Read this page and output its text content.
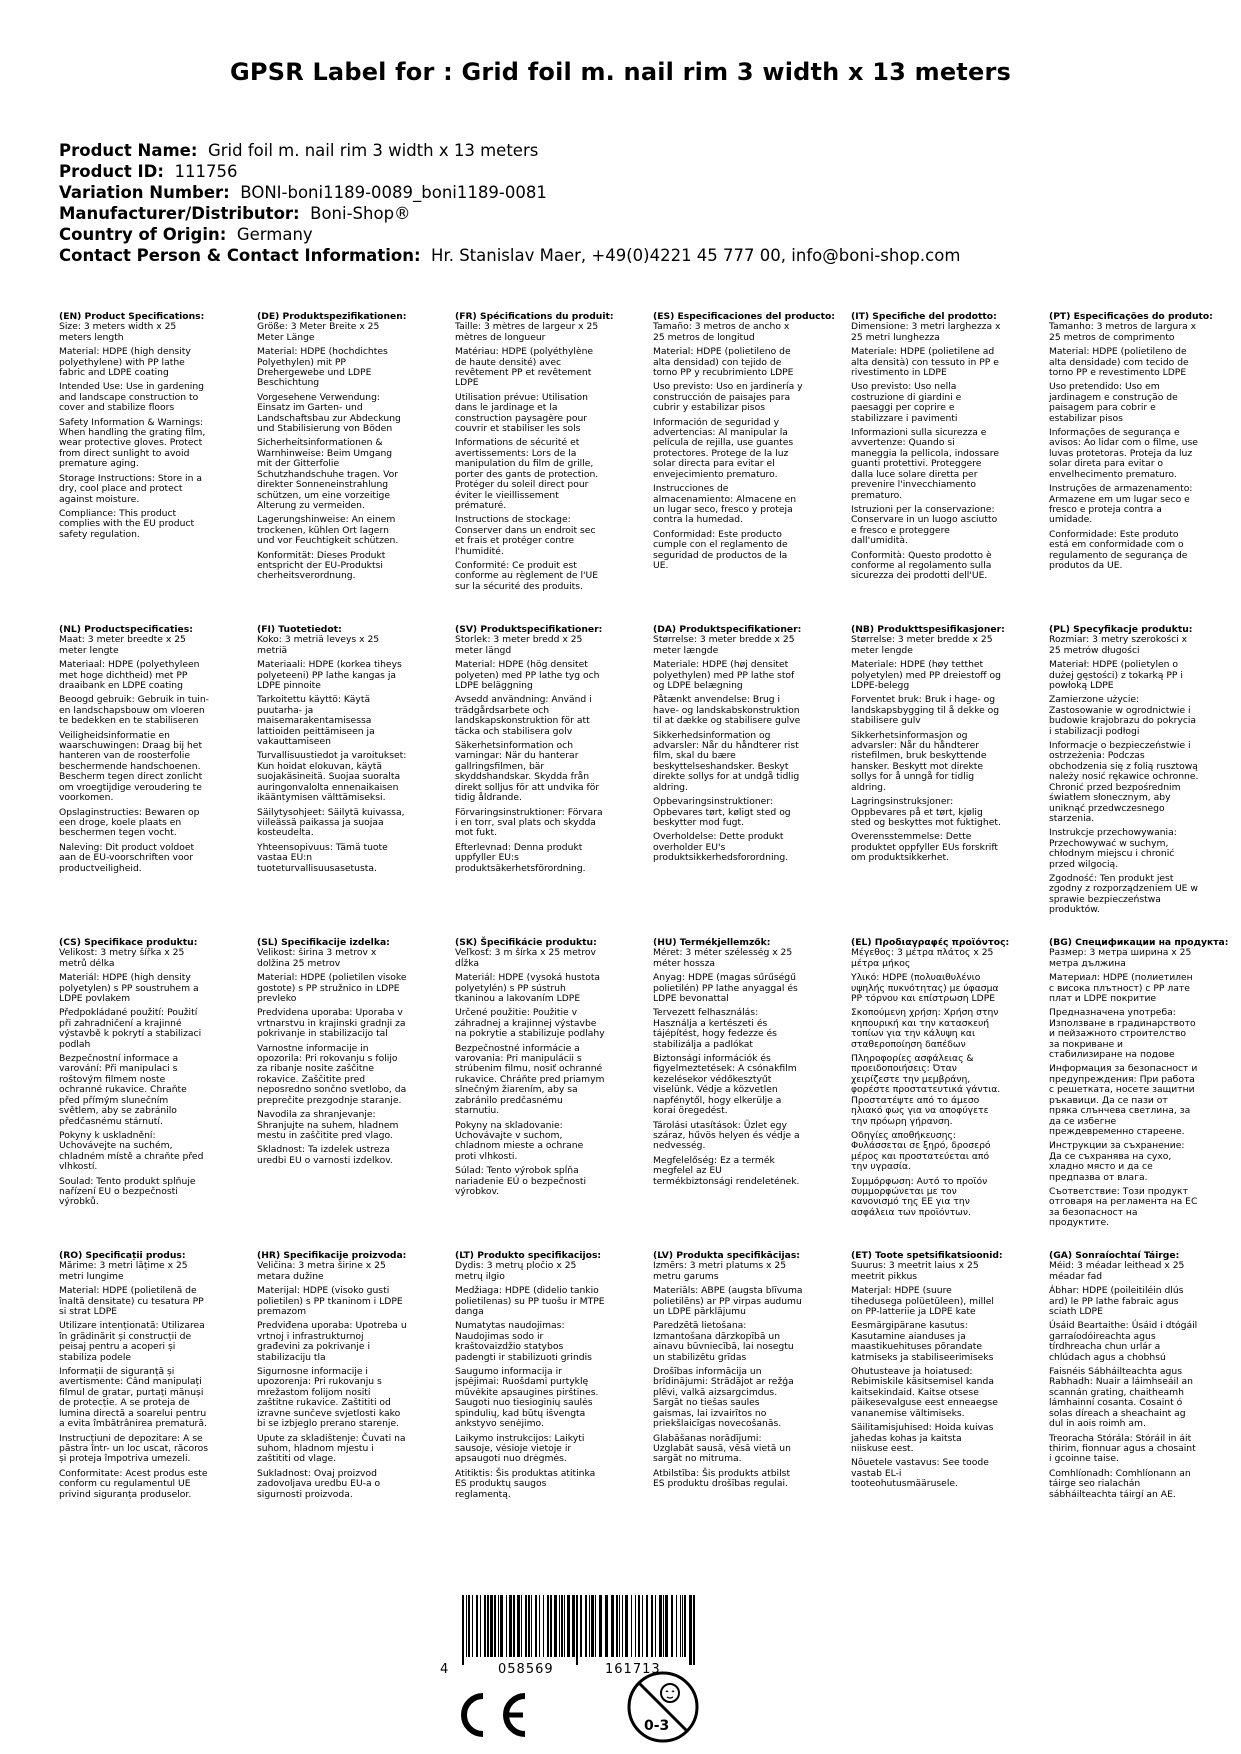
GPSR Label for : Grid foil m. nail rim 3 width x 13 meters
Product Name: Grid foil m. nail rim 3 width x 13 meters
Product ID: 111756
Variation Number: BONI-boni1189-0089_boni1189-0081
Manufacturer/Distributor: Boni-Shop®
Country of Origin: Germany
Contact Person & Contact Information: Hr. Stanislav Maer, +49(0)4221 45 777 00, info@boni-shop.com
(EN) Product Specifications:
Size: 3 meters width x 25 meters length
Material: HDPE (high density polyethylene) with PP lathe fabric and LDPE coating
Intended Use: Use in gardening and landscape construction to cover and stabilize floors
Safety Information & Warnings: When handling the grating film, wear protective gloves. Protect from direct sunlight to avoid premature aging.
Storage Instructions: Store in a dry, cool place and protect against moisture.
Compliance: This product complies with the EU product safety regulation.
(DE) Produktspezifikationen:
Größe: 3 Meter Breite x 25 Meter Länge
Material: HDPE (hochdichtes Polyethylen) mit PP Drehergewebe und LDPE Beschichtung
Vorgesehene Verwendung: Einsatz im Garten- und Landschaftsbau zur Abdeckung und Stabilisierung von Böden
Sicherheitsinformationen & Warnhinweise: Beim Umgang mit der Gitterfolie Schutzhandschuhe tragen. Vor direkter Sonneneinstrahlung schützen, um eine vorzeitige Alterung zu vermeiden.
Lagerungshinweise: An einem trockenen, kühlen Ort lagern und vor Feuchtigkeit schützen.
Konformität: Dieses Produkt entspricht der EU-Produktsi cherheitsverordnung.
(FR) Spécifications du produit:
Taille: 3 mètres de largeur x 25 mètres de longueur
Matériau: HDPE (polyéthylène de haute densité) avec revêtement PP et revêtement LDPE
Utilisation prévue: Utilisation dans le jardinage et la construction paysagère pour couvrir et stabiliser les sols
Informations de sécurité et avertissements: Lors de la manipulation du film de grille, porter des gants de protection. Protéger du soleil direct pour éviter le vieillissement prématuré.
Instructions de stockage: Conserver dans un endroit sec et frais et protéger contre l'humidité.
Conformité: Ce produit est conforme au règlement de l'UE sur la sécurité des produits.
(ES) Especificaciones del producto:
Tamaño: 3 metros de ancho x 25 metros de longitud
Material: HDPE (polietileno de alta densidad) con tejido de torno PP y recubrimiento LDPE
Uso previsto: Uso en jardinería y construcción de paisajes para cubrir y estabilizar pisos
Información de seguridad y advertencias: Al manipular la película de rejilla, use guantes protectores. Protege de la luz solar directa para evitar el envejecimiento prematuro.
Instrucciones de almacenamiento: Almacene en un lugar seco, fresco y proteja contra la humedad.
Conformidad: Este producto cumple con el reglamento de seguridad de productos de la UE.
(IT) Specifiche del prodotto:
Dimensione: 3 metri larghezza x 25 metri lunghezza
Materiale: HDPE (polietilene ad alta densità) con tessuto in PP e rivestimento in LDPE
Uso previsto: Uso nella costruzione di giardini e paesaggi per coprire e stabilizzare i pavimenti
Informazioni sulla sicurezza e avvertenze: Quando si maneggia la pellicola, indossare guanti protettivi. Proteggere dalla luce solare diretta per prevenire l'invecchiamento prematuro.
Istruzioni per la conservazione: Conservare in un luogo asciutto e fresco e proteggere dall'umidità.
Conformità: Questo prodotto è conforme al regolamento sulla sicurezza dei prodotti dell'UE.
(PT) Especificações do produto:
Tamanho: 3 metros de largura x 25 metros de comprimento
Material: HDPE (polietileno de alta densidade) com tecido de torno PP e revestimento LDPE
Uso pretendido: Uso em jardinagem e construção de paisagem para cobrir e estabilizar pisos
Informações de segurança e avisos: Ao lidar com o filme, use luvas protetoras. Proteja da luz solar direta para evitar o envelhecimento prematuro.
Instruções de armazenamento: Armazene em um lugar seco e fresco e proteja contra a umidade.
Conformidade: Este produto está em conformidade com o regulamento de segurança de produtos da UE.
(NL) Productspecificaties:
Maat: 3 meter breedte x 25 meter lengte
Materiaal: HDPE (polyethyleen met hoge dichtheid) met PP draaibank en LDPE coating
Beoogd gebruik: Gebruik in tuin- en landschapsbouw om vloeren te bedekken en te stabiliseren
Veiligheidsinformatie en waarschuwingen: Draag bij het hanteren van de roosterfolie beschermende handschoenen. Bescherm tegen direct zonlicht om vroegtijdige veroudering te voorkomen.
Opslaginstructies: Bewaren op een droge, koele plaats en beschermen tegen vocht.
Naleving: Dit product voldoet aan de EU-voorschriften voor productveiligheid.
(FI) Tuotetiedot:
Koko: 3 metriä leveys x 25 metriä
Materiaali: HDPE (korkea tiheys polyeteeni) PP lathe kangas ja LDPE pinnoite
Tarkoitettu käyttö: Käytä puutarha- ja maisemarakentamisessa lattioiden peittämiseen ja vakauttamiseen
Turvallisuustiedot ja varoitukset: Kun hoidat elokuvan, käytä suojakäsineitä. Suojaa suoralta auringonvalolta ennenaikaisen ikääntymisen välttämiseksi.
Säilytysohjeet: Säilytä kuivassa, viileässä paikassa ja suojaa kosteudelta.
Yhteensopivuus: Tämä tuote vastaa EU:n tuoteturvallisuusasetusta.
(SV) Produktspecifikationer:
Storlek: 3 meter bredd x 25 meter längd
Material: HDPE (hög densitet polyeten) med PP lathe tyg och LDPE beläggning
Avsedd användning: Använd i trädgårdsarbete och landskapskonstruktion för att täcka och stabilisera golv
Säkerhetsinformation och varningar: När du hanterar gallringsfilmen, bär skyddshandskar. Skydda från direkt solljus för att undvika för tidig åldrande.
Förvaringsinstruktioner: Förvara i en torr, sval plats och skydda mot fukt.
Efterlevnad: Denna produkt uppfyller EU:s produktsäkerhetsförordning.
(DA) Produktspecifikationer:
Størrelse: 3 meter bredde x 25 meter længde
Materiale: HDPE (høj densitet polyethylen) med PP lathe stof og LDPE belægning
Påtænkt anvendelse: Brug i have- og landskabskonstruktion til at dække og stabilisere gulve
Sikkerhedsinformation og advarsler: Når du håndterer rist film, skal du bære beskyttelseshandsker. Beskyt direkte sollys for at undgå tidlig aldring.
Opbevaringsinstruktioner: Opbevares tørt, køligt sted og beskytter mod fugt.
Overholdelse: Dette produkt overholder EU's produktsikkerhedsforordning.
(NB) Produkttspesifikasjoner:
Størrelse: 3 meter bredde x 25 meter lengde
Materiale: HDPE (høy tetthet polyetylen) med PP dreiestoff og LDPE-belegg
Forventet bruk: Bruk i hage- og landskapsbygging til å dekke og stabilisere gulv
Sikkerhetsinformasjon og advarsler: Når du håndterer ristefilmen, bruk beskyttende hansker. Beskytt mot direkte sollys for å unngå for tidlig aldring.
Lagringsinstruksjoner: Oppbevares på et tørt, kjølig sted og beskyttes mot fuktighet.
Overensstemmelse: Dette produktet oppfyller EUs forskrift om produktsikkerhet.
(PL) Specyfikacje produktu:
Rozmiar: 3 metry szerokości x 25 metrów długości
Materiał: HDPE (polietylen o dużej gęstości) z tokarką PP i powłoką LDPE
Zamierzone użycie: Zastosowanie w ogrodnictwie i budowie krajobrazu do pokrycia i stabilizacji podłogi
Informacje o bezpieczeństwie i ostrzeżenia: Podczas obchodzenia się z folią rusztową należy nosić rękawice ochronne. Chronić przed bezpośrednim światłem słonecznym, aby uniknąć przedwczesnego starzenia.
Instrukcje przechowywania: Przechowywać w suchym, chłodnym miejscu i chronić przed wilgocią.
Zgodność: Ten produkt jest zgodny z rozporządzeniem UE w sprawie bezpieczeństwa produktów.
(CS) Specifikace produktu:
Velikost: 3 metry šířka x 25 metrů délka
Materiál: HDPE (high density polyetylen) s PP soustruhem a LDPE povlakem
Předpokládané použití: Použití při zahradničení a krajinné výstavbě k pokrytí a stabilizaci podlah
Bezpečnostní informace a varování: Při manipulaci s roštovým filmem noste ochranné rukavice. Chraňte před přímým slunečním světlem, aby se zabránilo předčasnému stárnutí.
Pokyny k uskladnění: Uchovávejte na suchém, chladném místě a chraňte před vlhkostí.
Soulad: Tento produkt splňuje nařízení EU o bezpečnosti výrobků.
(SL) Specifikacije izdelka:
Velikost: širina 3 metrov x dolžina 25 metrov
Material: HDPE (polietilen visoke gostote) s PP stružnico in LDPE prevleko
Predvidena uporaba: Uporaba v vrtnarstvu in krajinski gradnji za pokrivanje in stabilizacijo tal
Varnostne informacije in opozorila: Pri rokovanju s folijo za ribanje nosite zaščitne rokavice. Zaščitite pred neposredno sončno svetlobo, da preprečite prezgodnje staranje.
Navodila za shranjevanje: Shranjujte na suhem, hladnem mestu in zaščitite pred vlago.
Skladnost: Ta izdelek ustreza uredbi EU o varnosti izdelkov.
(SK) Špecifikácie produktu:
Veľkosť: 3 m šírka x 25 metrov dĺžka
Materiál: HDPE (vysoká hustota polyetylén) s PP sústruh tkaninou a lakovaním LDPE
Určené použitie: Použitie v záhradnej a krajinnej výstavbe na pokrytie a stabilizuje podlahy
Bezpečnostné informácie a varovania: Pri manipulácii s strúbenim filmu, nosiť ochranné rukavice. Chráňte pred priamym slnečným žiarením, aby sa zabránilo predčasnému starnutiu.
Pokyny na skladovanie: Uchovávajte v suchom, chladnom mieste a ochrane proti vlhkosti.
Súlad: Tento výrobok spĺňa nariadenie EÚ o bezpečnosti výrobkov.
(HU) Termékjellemzők:
Méret: 3 méter szélesség x 25 méter hossza
Anyag: HDPE (magas sűrűségű polietilén) PP lathe anyaggal és LDPE bevonattal
Tervezett felhasználás: Használja a kertészeti és tájépítést, hogy fedezze és stabilizálja a padlókat
Biztonsági információk és figyelmeztetések: A csónakfilm kezelésekor védőkesztyűt viselünk. Védje a közvetlen napfénytől, hogy elkerülje a korai öregedést.
Tárolási utasítások: Üzlet egy száraz, hűvös helyen és védje a nedvesség.
Megfelelőség: Ez a termék megfelel az EU termékbiztonsági rendeletének.
(EL) Προδιαγραφές προϊόντος:
Μέγεθος: 3 μέτρα πλάτος x 25 μέτρα μήκος
Υλικό: HDPE (πολυαιθυλένιο υψηλής πυκνότητας) με ύφασμα PP τόρνου και επίστρωση LDPE
Σκοπούμενη χρήση: Χρήση στην κηπουρική και την κατασκευή τοπίων για την κάλυψη και σταθεροποίηση δαπέδων
Πληροφορίες ασφάλειας & προειδοποιήσεις: Όταν χειρίζεστε την μεμβράνη, φορέστε προστατευτικά γάντια. Προστατέψτε από το άμεσο ηλιακό φως για να αποφύγετε την πρόωρη γήρανση.
Οδηγίες αποθήκευσης: Φυλάσσεται σε ξηρό, δροσερό μέρος και προστατεύεται από την υγρασία.
Συμμόρφωση: Αυτό το προϊόν συμμορφώνεται με τον κανονισμό της ΕΕ για την ασφάλεια των προϊόντων.
(BG) Спецификации на продукта:
Размер: 3 метра ширина x 25 метра дължина
Материал: HDPE (полиетилен с висока плътност) с PP лате плат и LDPE покритие
Предназначена употреба: Използване в градинарството и пейзажното строителство за покриване и стабилизиране на подове
Информация за безопасност и предупреждения: При работа с решетката, носете защитни ръкавици. Да се пази от пряка слънчева светлина, за да се избегне преждевременно стареене.
Инструкции за съхранение: Да се съхранява на сухо, хладно място и да се предпазва от влага.
Съответствие: Този продукт отговаря на регламента на ЕС за безопасност на продуктите.
(RO) Specificații produs:
Mărime: 3 metri lățime x 25 metri lungime
Material: HDPE (polietilenă de înaltă densitate) cu tesatura PP si strat LDPE
Utilizare intenționată: Utilizarea în grădinărit și construcții de peisaj pentru a acoperi și stabiliza podele
Informații de siguranță și avertismente: Când manipulați filmul de gratar, purtați mănuși de protecție. A se proteja de lumina directă a soarelui pentru a evita îmbătrânirea prematură.
Instrucțiuni de depozitare: A se păstra într- un loc uscat, răcoros și proteja împotriva umezeli.
Conformitate: Acest produs este conform cu regulamentul UE privind siguranța produselor.
(HR) Specifikacije proizvoda:
Veličina: 3 metra širine x 25 metara dužine
Materijal: HDPE (visoko gusti polietilen) s PP tkaninom i LDPE premazom
Predviđena uporaba: Upotreba u vrtnoj i infrastrukturnoj građevini za pokrivanje i stabilizaciju tla
Sigurnosne informacije i upozorenja: Pri rukovanju s mrežastom folijom nositi zaštitne rukavice. Zaštititi od izravne sunčeve svjetlosti kako bi se izbjeglo prerano starenje.
Upute za skladištenje: Čuvati na suhom, hladnom mjestu i zaštititi od vlage.
Sukladnost: Ovaj proizvod zadovoljava uredbu EU-a o sigurnosti proizvoda.
(LT) Produkto specifikacijos:
Dydis: 3 metrų pločio x 25 metrų ilgio
Medžiaga: HDPE (didelio tankio polietilenas) su PP tuošu ir MTPE danga
Numatytas naudojimas: Naudojimas sodo ir kraštovaizdžio statybos padengti ir stabilizuoti grindis
Saugumo informacija ir įspėjimai: Ruošdami purtyklę mūvėkite apsaugines pirštines. Saugoti nuo tiesioginių saulės spindulių, kad būtų išvengta ankstyvo senėjimo.
Laikymo instrukcijos: Laikyti sausoje, vėsioje vietoje ir apsaugoti nuo drėgmės.
Atitiktis: Šis produktas atitinka ES produktų saugos reglamentą.
(LV) Produkta specifikācijas:
Izmērs: 3 metri platums x 25 metru garums
Materiāls: ABPE (augsta blīvuma polietilēns) ar PP virpas audumu un LDPE pārklājumu
Paredzētā lietošana: Izmantošana dārzkopībā un ainavu būvniecībā, lai nosegtu un stabilizētu grīdas
Drošības informācija un brīdinājumi: Strādājot ar režģa plēvi, valkā aizsargcimdus. Sargāt no tiešas saules gaismas, lai izvairītos no priekšlaicīgas novecošanās.
Glabāšanas norādījumi: Uzglabāt sausā, vēsā vietā un sargāt no mitruma.
Atbilstība: Šis produkts atbilst ES produktu drošības regulai.
(ET) Toote spetsifikatsioonid:
Suurus: 3 meetrit laius x 25 meetrit pikkus
Materjal: HDPE (suure tihedusega polüetüleen), millel on PP-latteriie ja LDPE kate
Eesmärgipärane kasutus: Kasutamine aianduses ja maastikuehituses põrandate katmiseks ja stabiliseerimiseks
Ohutusteave ja hoiatused: Rebimiskile käsitsemisel kanda kaitsekindaid. Kaitse otsese päikesevalguse eest enneaegse vananemise vältimiseks.
Säilitamisjuhised: Hoida kuivas jahedas kohas ja kaitsta niiskuse eest.
Nõuetele vastavus: See toode vastab EL-i tooteohutusmääruselе.
(GA) Sonraíochtaí Táirge:
Méid: 3 méadar leithead x 25 méadar fad
Ábhar: HDPE (poileitiléin dlús ard) le PP lathe fabraic agus sciath LDPE
Úsáid Beartaithe: Úsáid i dtógáil garraíodóireachta agus tírdhreacha chun urlár a chlúdach agus a chobhsú
Faisnéis Sábháilteachta agus Rabhadh: Nuair a láimhseáil an scannán grating, chaitheamh lámhainní cosanta. Cosaint ó solas díreach a sheachaint ag dul in aois roimh am.
Treoracha Stórála: Stóráil in áit thirim, fionnuar agus a chosaint i gcoinne taise.
Comhlíonadh: Comhlíonann an táirge seo rialachán sábháilteachta táirgí an AE.
4	058569	161713
0-3
